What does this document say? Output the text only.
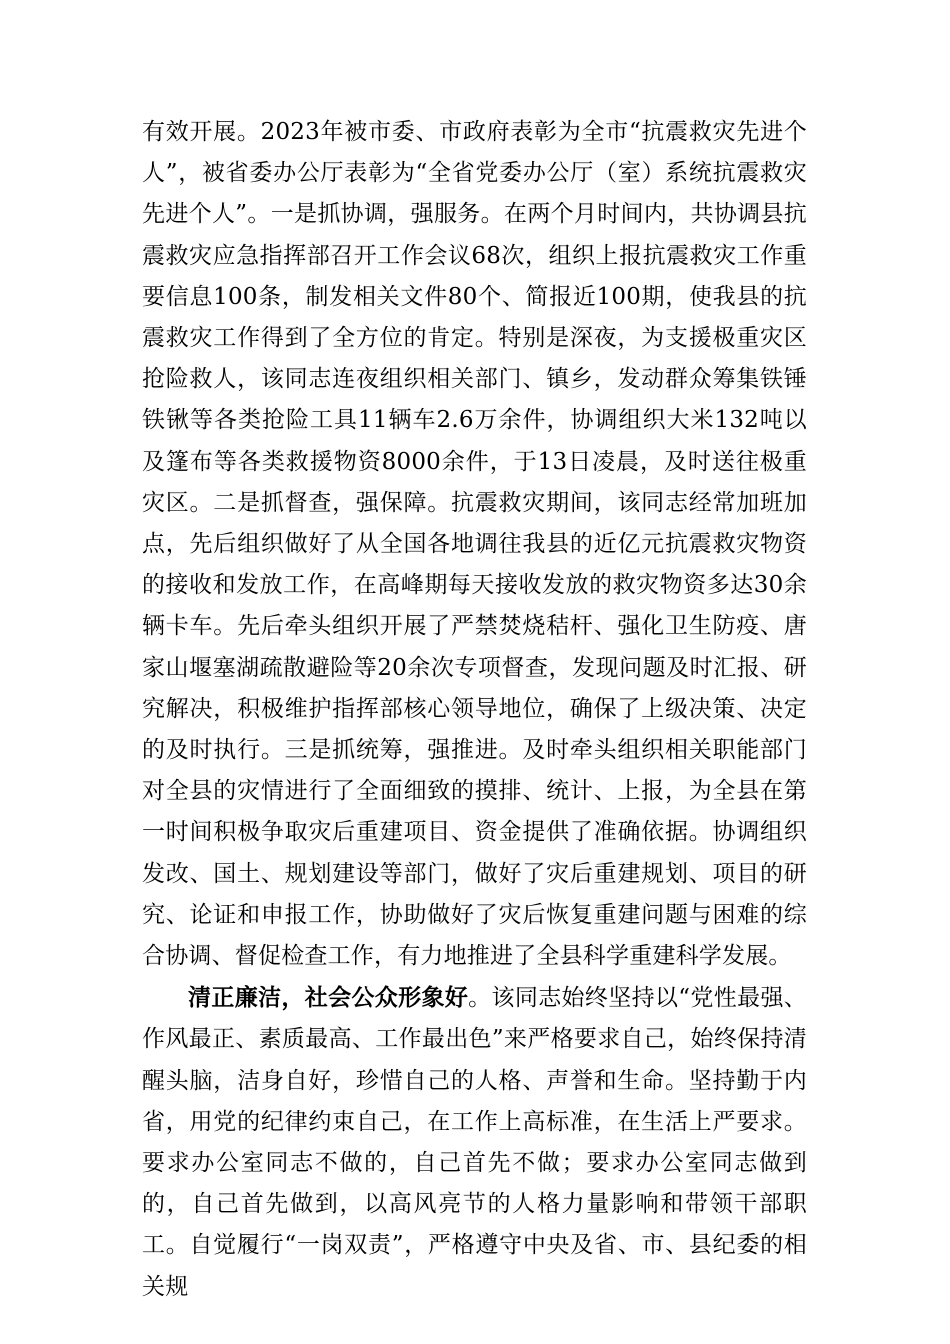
有效开展。2023年被市委、市政府表彰为全市“抗震救灾先进个人”，被省委办公厅表彰为“全省党委办公厅（室）系统抗震救灾先进个人”。一是抓协调，强服务。在两个月时间内，共协调县抗震救灾应急指挥部召开工作会议68次，组织上报抗震救灾工作重要信息100条，制发相关文件80个、简报近100期，使我县的抗震救灾工作得到了全方位的肯定。特别是深夜，为支援极重灾区抢险救人，该同志连夜组织相关部门、镇乡，发动群众筹集铁锤铁锹等各类抢险工具11辆车2.6万余件，协调组织大米132吨以及篷布等各类救援物资8000余件，于13日凌晨，及时送往极重灾区。二是抓督查，强保障。抗震救灾期间，该同志经常加班加点，先后组织做好了从全国各地调往我县的近亿元抗震救灾物资的接收和发放工作，在高峰期每天接收发放的救灾物资多达30余辆卡车。先后牵头组织开展了严禁焚烧秸杆、强化卫生防疫、唐家山堰塞湖疏散避险等20余次专项督查，发现问题及时汇报、研究解决，积极维护指挥部核心领导地位，确保了上级决策、决定的及时执行。三是抓统筹，强推进。及时牵头组织相关职能部门对全县的灾情进行了全面细致的摸排、统计、上报，为全县在第一时间积极争取灾后重建项目、资金提供了准确依据。协调组织发改、国土、规划建设等部门，做好了灾后重建规划、项目的研究、论证和申报工作，协助做好了灾后恢复重建问题与困难的综合协调、督促检查工作，有力地推进了全县科学重建科学发展。

清正廉洁，社会公众形象好。该同志始终坚持以“党性最强、作风最正、素质最高、工作最出色”来严格要求自己，始终保持清醒头脑，洁身自好，珍惜自己的人格、声誉和生命。坚持勤于内省，用党的纪律约束自己，在工作上高标准，在生活上严要求。要求办公室同志不做的，自己首先不做；要求办公室同志做到的，自己首先做到，以高风亮节的人格力量影响和带领干部职工。自觉履行“一岗双责”，严格遵守中央及省、市、县纪委的相关规
